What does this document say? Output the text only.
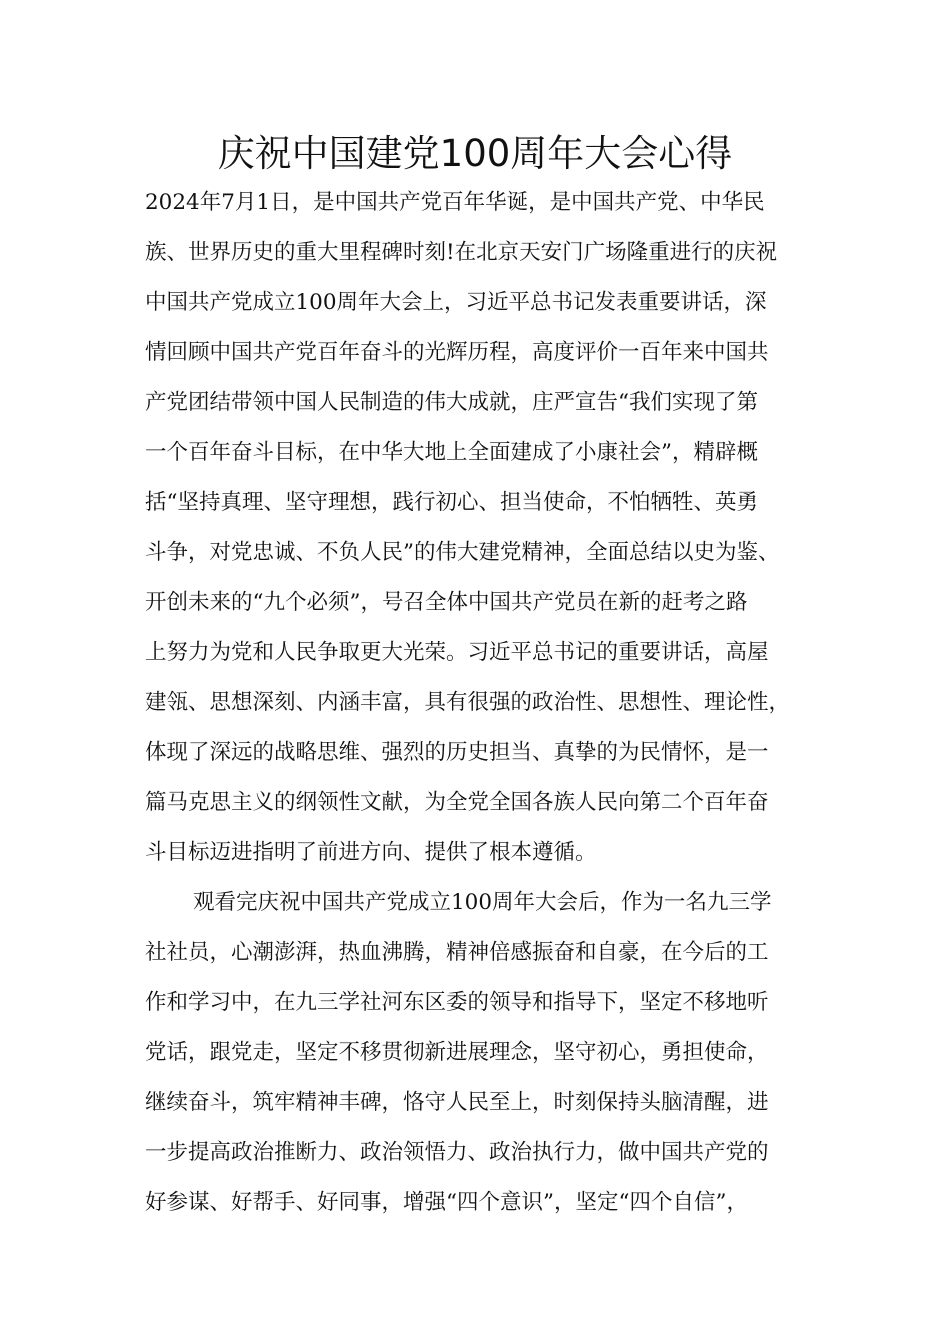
庆祝中国建党100周年大会心得
2024年7月1日，是中国共产党百年华诞，是中国共产党、中华民
族、世界历史的重大里程碑时刻!在北京天安门广场隆重进行的庆祝
中国共产党成立100周年大会上，习近平总书记发表重要讲话，深
情回顾中国共产党百年奋斗的光辉历程，高度评价一百年来中国共
产党团结带领中国人民制造的伟大成就，庄严宣告“我们实现了第
一个百年奋斗目标，在中华大地上全面建成了小康社会”，精辟概
括“坚持真理、坚守理想，践行初心、担当使命，不怕牺牲、英勇
斗争，对党忠诚、不负人民”的伟大建党精神，全面总结以史为鉴、
开创未来的“九个必须”，号召全体中国共产党员在新的赶考之路
上努力为党和人民争取更大光荣。习近平总书记的重要讲话，高屋
建瓴、思想深刻、内涵丰富，具有很强的政治性、思想性、理论性，
体现了深远的战略思维、强烈的历史担当、真挚的为民情怀，是一
篇马克思主义的纲领性文献，为全党全国各族人民向第二个百年奋
斗目标迈进指明了前进方向、提供了根本遵循。
观看完庆祝中国共产党成立100周年大会后，作为一名九三学
社社员，心潮澎湃，热血沸腾，精神倍感振奋和自豪，在今后的工
作和学习中，在九三学社河东区委的领导和指导下，坚定不移地听
党话，跟党走，坚定不移贯彻新进展理念，坚守初心，勇担使命，
继续奋斗，筑牢精神丰碑，恪守人民至上，时刻保持头脑清醒，进
一步提高政治推断力、政治领悟力、政治执行力，做中国共产党的
好参谋、好帮手、好同事，增强“四个意识”，坚定“四个自信”，
